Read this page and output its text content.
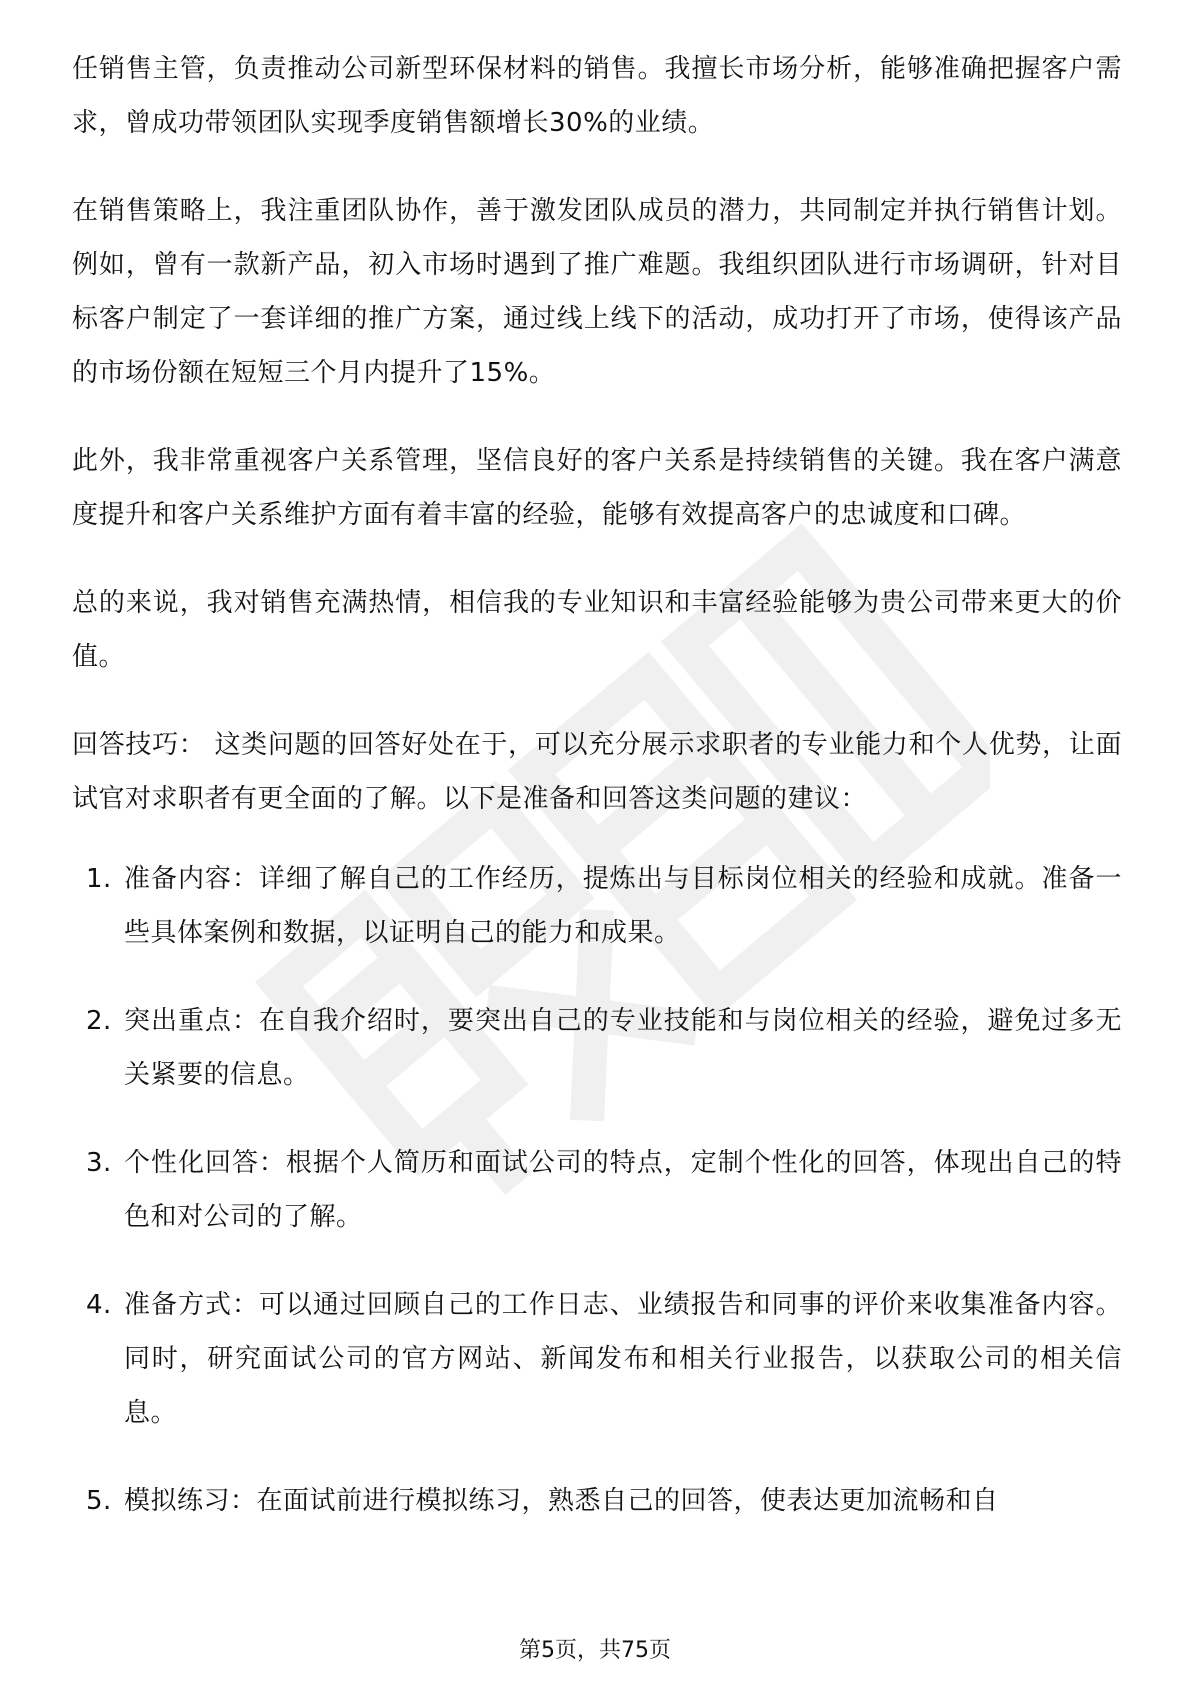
任销售主管，负责推动公司新型环保材料的销售。我擅长市场分析，能够准确把握客户需求，曾成功带领团队实现季度销售额增长30%的业绩。

在销售策略上，我注重团队协作，善于激发团队成员的潜力，共同制定并执行销售计划。例如，曾有一款新产品，初入市场时遇到了推广难题。我组织团队进行市场调研，针对目标客户制定了一套详细的推广方案，通过线上线下的活动，成功打开了市场，使得该产品的市场份额在短短三个月内提升了15%。

此外，我非常重视客户关系管理，坚信良好的客户关系是持续销售的关键。我在客户满意度提升和客户关系维护方面有着丰富的经验，能够有效提高客户的忠诚度和口碑。

总的来说，我对销售充满热情，相信我的专业知识和丰富经验能够为贵公司带来更大的价值。

回答技巧： 这类问题的回答好处在于，可以充分展示求职者的专业能力和个人优势，让面试官对求职者有更全面的了解。以下是准备和回答这类问题的建议：

1. 准备内容：详细了解自己的工作经历，提炼出与目标岗位相关的经验和成就。准备一些具体案例和数据，以证明自己的能力和成果。
2. 突出重点：在自我介绍时，要突出自己的专业技能和与岗位相关的经验，避免过多无关紧要的信息。
3. 个性化回答：根据个人简历和面试公司的特点，定制个性化的回答，体现出自己的特色和对公司的了解。
4. 准备方式：可以通过回顾自己的工作日志、业绩报告和同事的评价来收集准备内容。同时，研究面试公司的官方网站、新闻发布和相关行业报告，以获取公司的相关信息。
5. 模拟练习：在面试前进行模拟练习，熟悉自己的回答，使表达更加流畅和自
第5页，共75页
